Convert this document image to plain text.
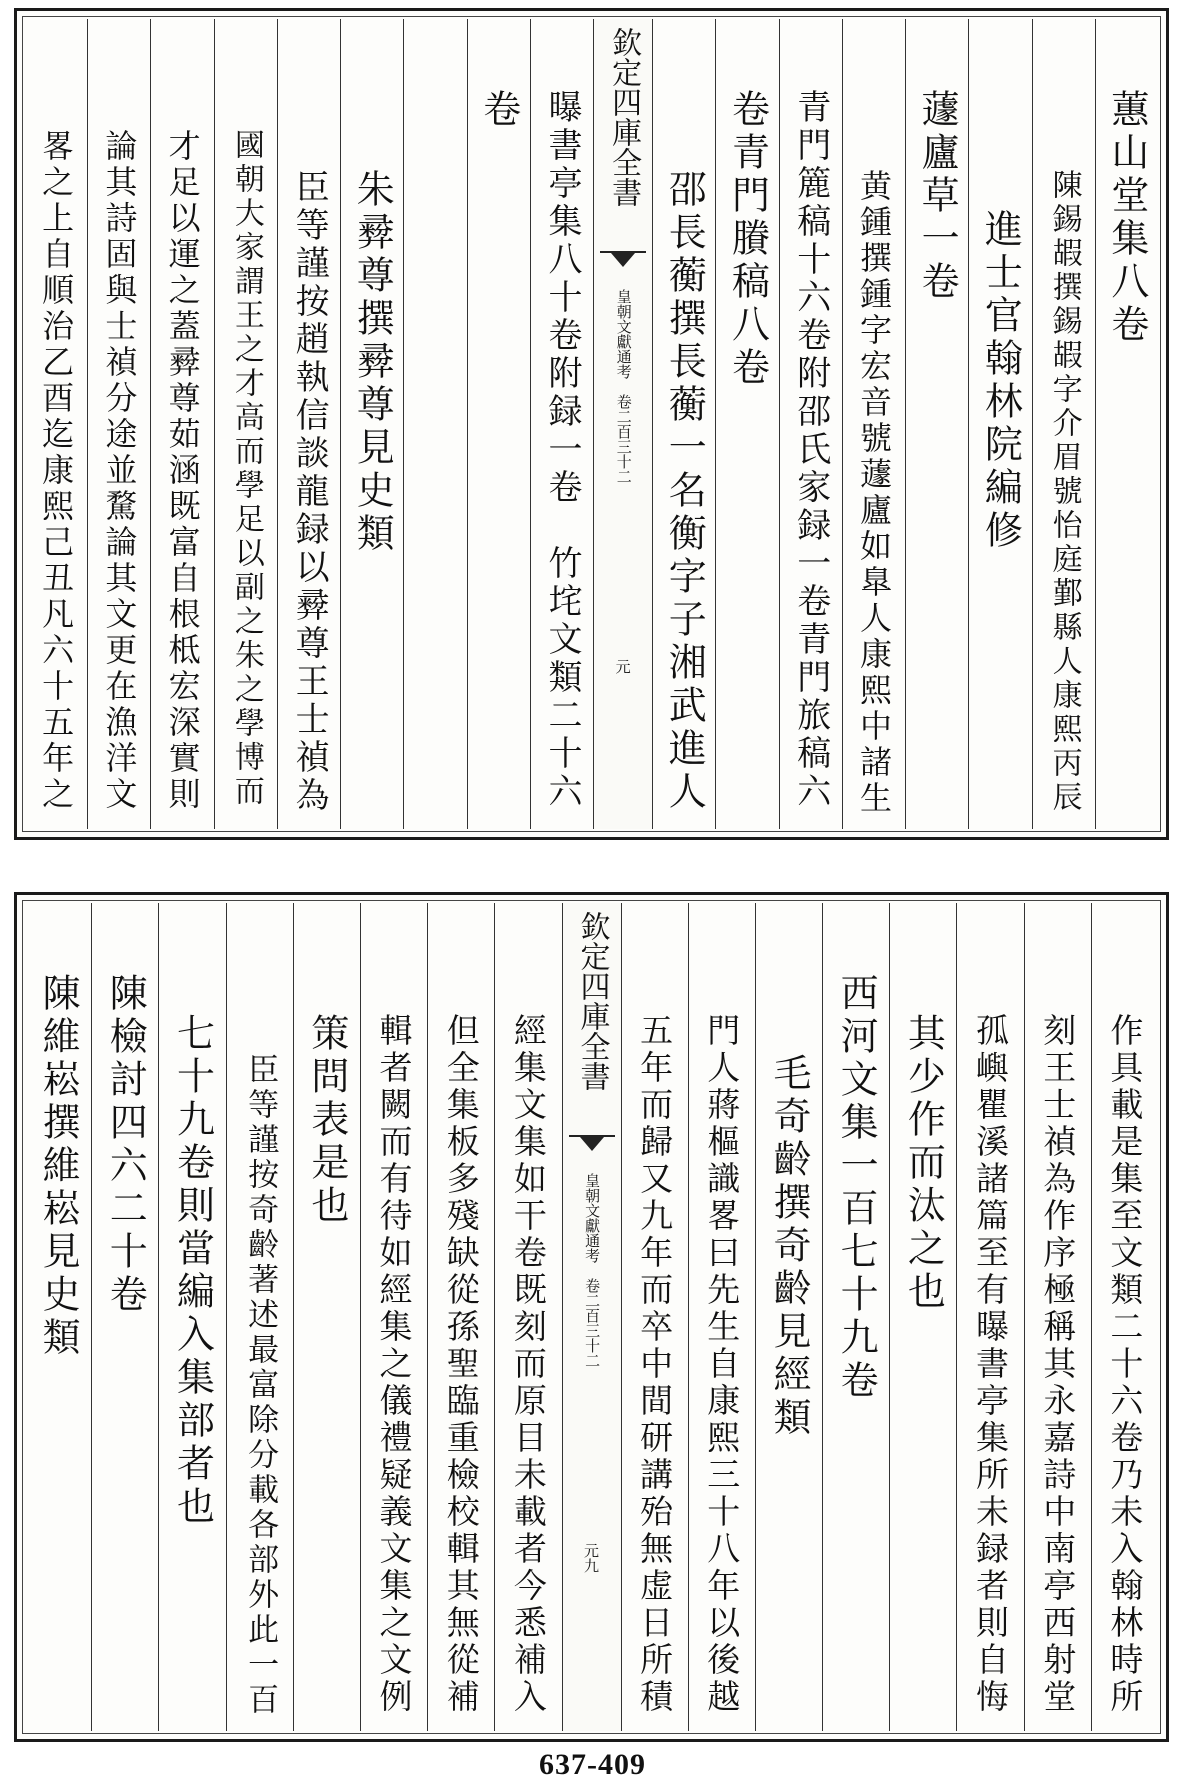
蕙山堂集八卷
陳錫嘏撰錫嘏字介眉號怡庭鄞縣人康熙丙辰
進士官翰林院編修
蘧廬草一卷
黄鍾撰鍾字宏音號蘧廬如臯人康熙中諸生
青門簏稿十六卷附邵氏家録一卷青門旅稿六
卷青門賸稿八卷
邵長蘅撰長蘅一名衡字子湘武進人
欽定四庫全書
皇朝文獻通考　卷二百三十二
元
曝書亭集八十卷附録一卷　竹垞文類二十六
卷
朱彛尊撰彛尊見史類
臣等謹按趙執信談龍録以彛尊王士禎為
國朝大家謂王之才高而學足以副之朱之學博而
才足以運之蓋彛尊茹涵既富自根柢宏深實則
論其詩固與士禎分途並騖論其文更在漁洋文
畧之上自順治乙酉迄康熙己丑凡六十五年之
作具載是集至文類二十六卷乃未入翰林時所
刻王士禎為作序極稱其永嘉詩中南亭西射堂
孤嶼瞿溪諸篇至有曝書亭集所未録者則自悔
其少作而汰之也
西河文集一百七十九卷
毛奇齡撰奇齡見經類
門人蔣樞識畧曰先生自康熙三十八年以後越
五年而歸又九年而卒中間研講殆無虚日所積
欽定四庫全書
皇朝文獻通考　卷二百三十二
元九
經集文集如干卷既刻而原目未載者今悉補入
但全集板多殘缺從孫聖臨重檢校輯其無從補
輯者闕而有待如經集之儀禮疑義文集之文例
策問表是也
臣等謹按奇齡著述最富除分載各部外此一百
七十九卷則當編入集部者也
陳檢討四六二十卷
陳維崧撰維崧見史類
637-409
